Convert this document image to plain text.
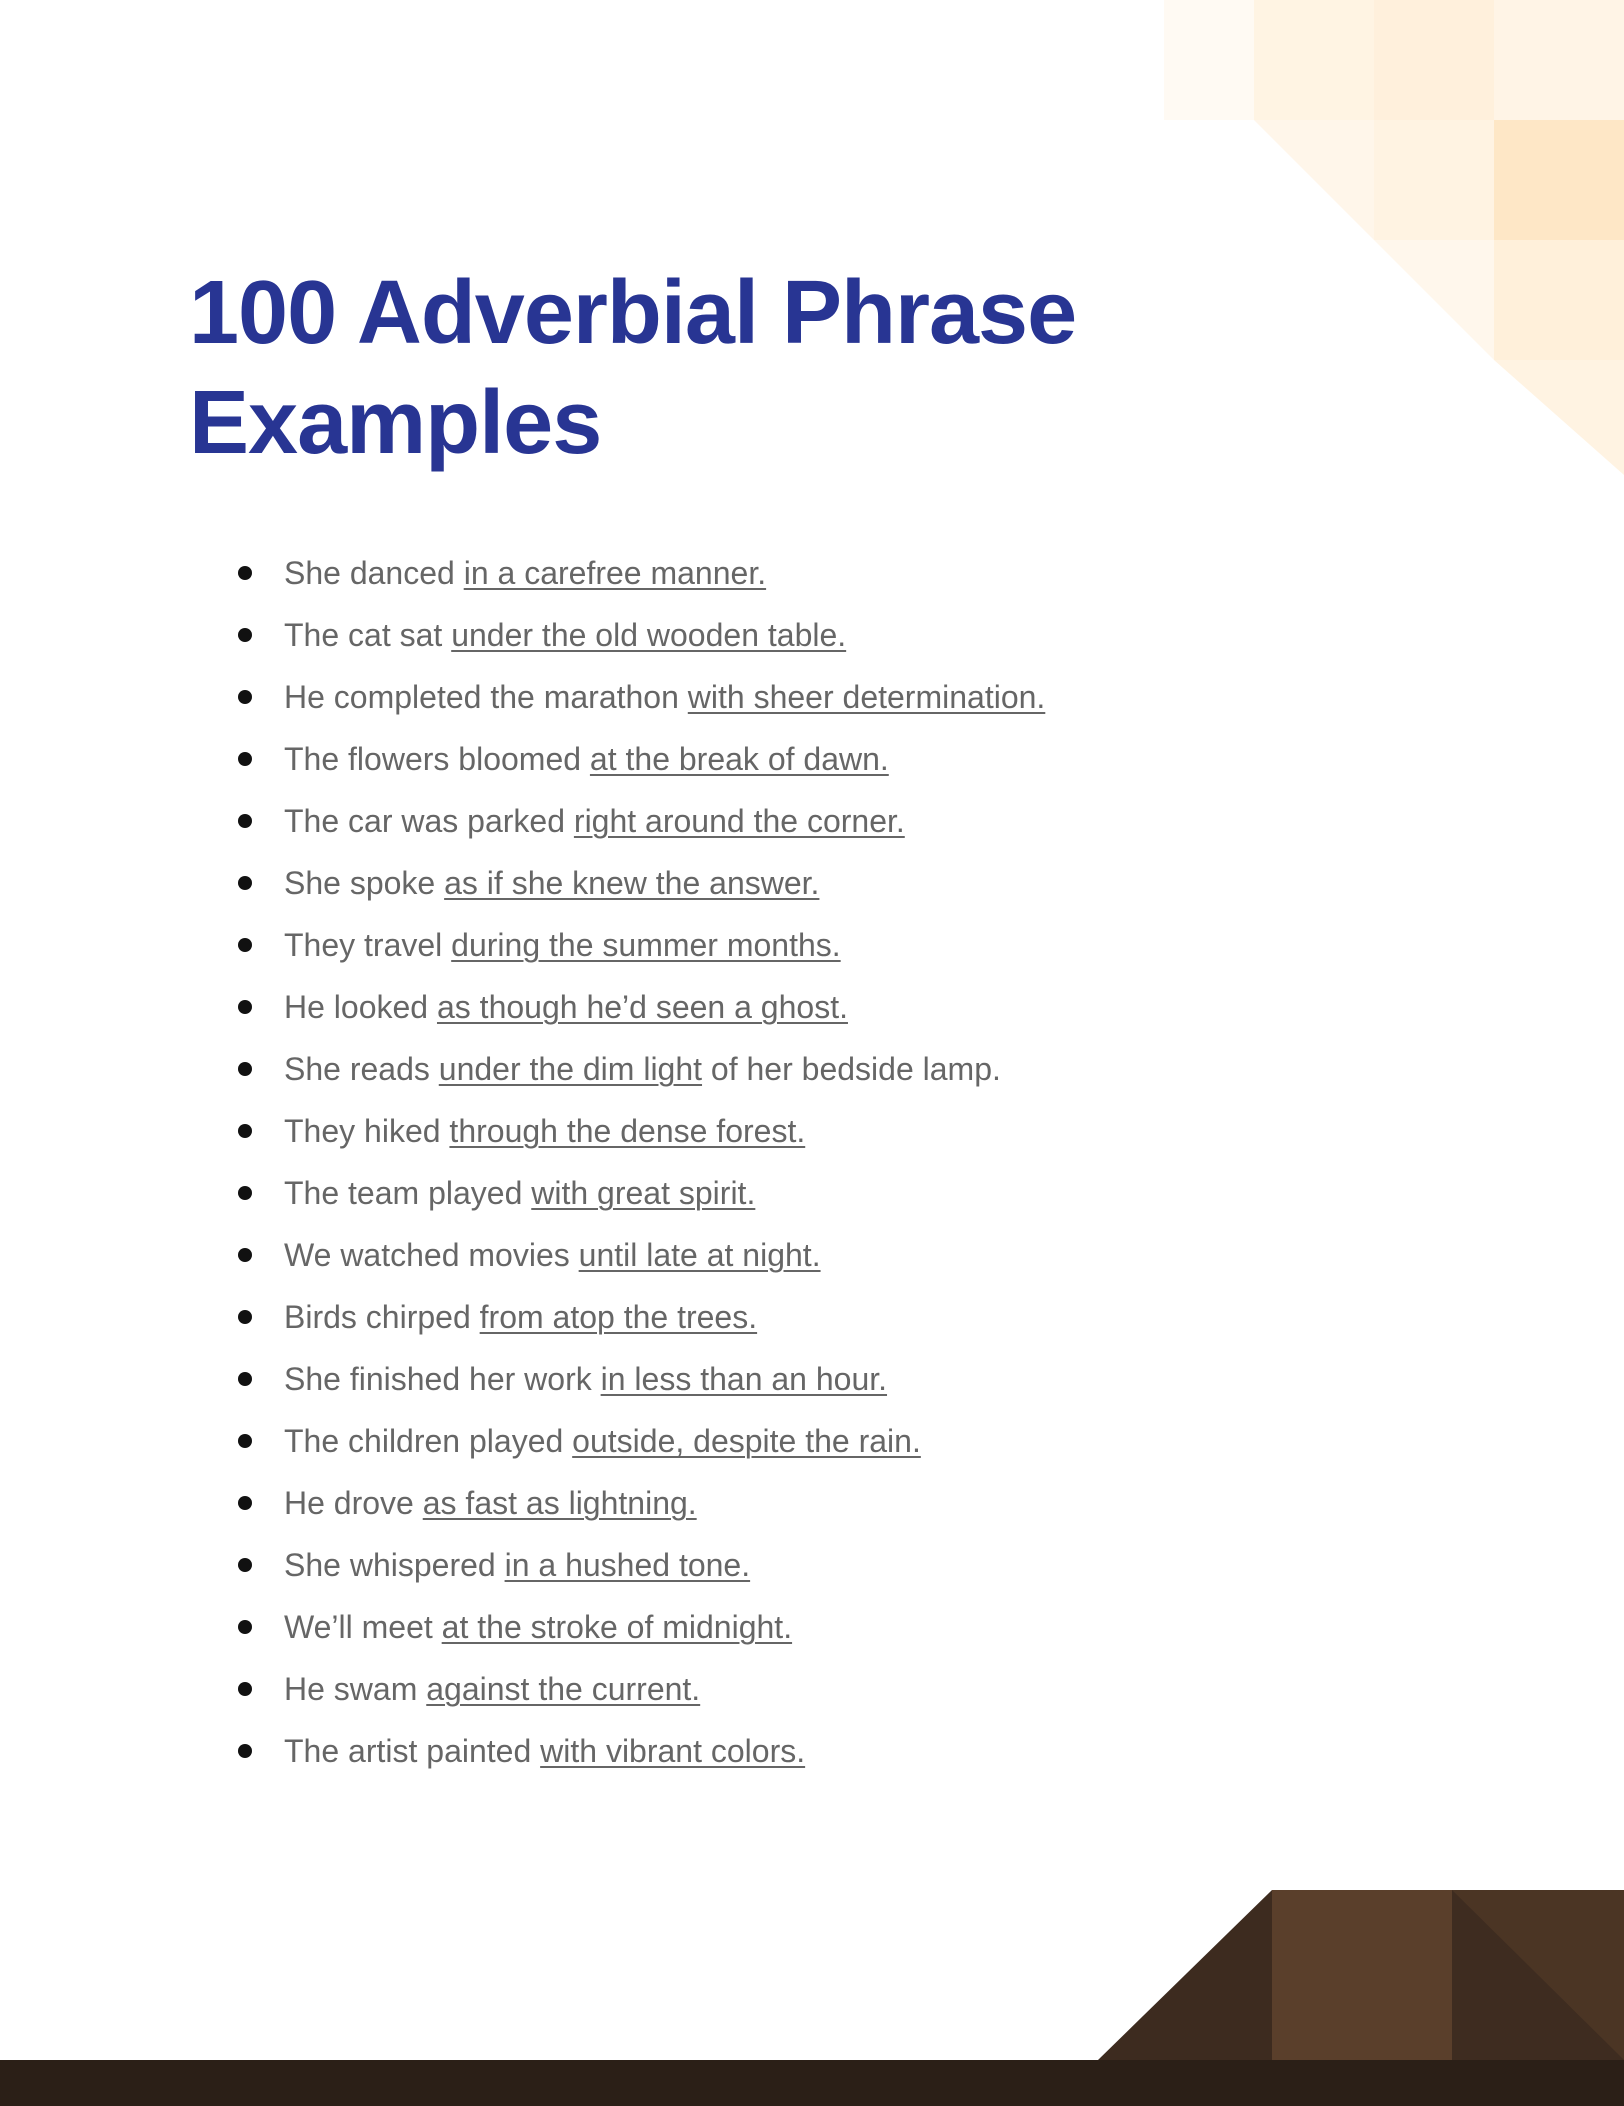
100 Adverbial Phrase Examples
She danced in a carefree manner.
The cat sat under the old wooden table.
He completed the marathon with sheer determination.
The flowers bloomed at the break of dawn.
The car was parked right around the corner.
She spoke as if she knew the answer.
They travel during the summer months.
He looked as though he’d seen a ghost.
She reads under the dim light of her bedside lamp.
They hiked through the dense forest.
The team played with great spirit.
We watched movies until late at night.
Birds chirped from atop the trees.
She finished her work in less than an hour.
The children played outside, despite the rain.
He drove as fast as lightning.
She whispered in a hushed tone.
We’ll meet at the stroke of midnight.
He swam against the current.
The artist painted with vibrant colors.
